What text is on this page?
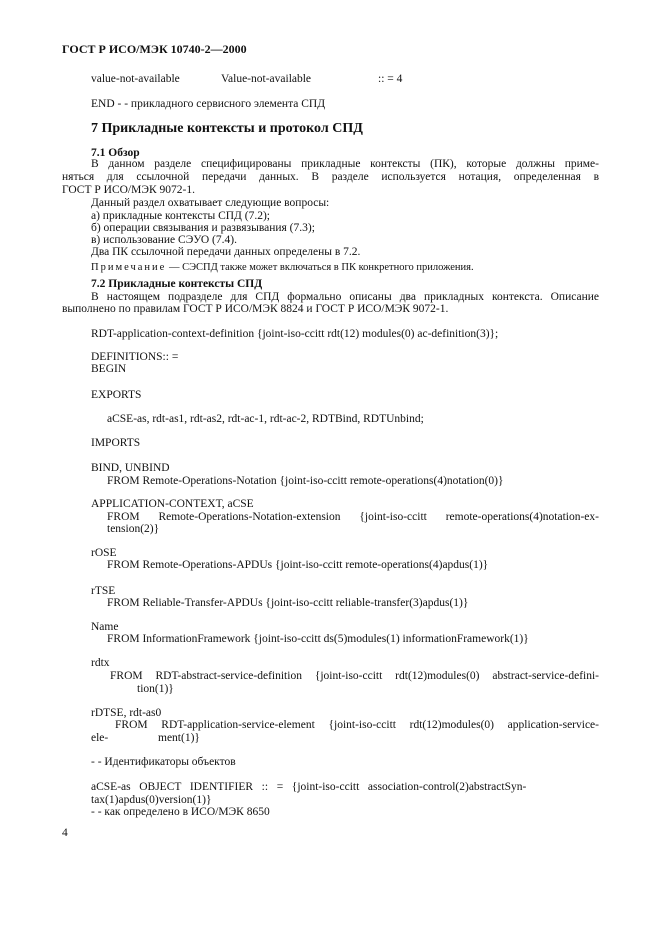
ГОСТ Р ИСО/МЭК 10740-2—2000
value-not-available	Value-not-available	:: = 4
END - - прикладного сервисного элемента СПД
7 Прикладные контексты и протокол СПД
7.1 Обзор
В данном разделе специфицированы прикладные контексты (ПК), которые должны приме-
няться для ссылочной передачи данных. В разделе используется нотация, определенная в
ГОСТ Р ИСО/МЭК 9072-1.
Данный раздел охватывает следующие вопросы:
а) прикладные контексты СПД (7.2);
б) операции связывания и развязывания (7.3);
в) использование СЭУО (7.4).
Два ПК ссылочной передачи данных определены в 7.2.
Примечание — СЭСПД также может включаться в ПК конкретного приложения.
7.2 Прикладные контексты СПД
В настоящем подразделе для СПД формально описаны два прикладных контекста. Описание
выполнено по правилам ГОСТ Р ИСО/МЭК 8824 и ГОСТ Р ИСО/МЭК 9072-1.
RDT-application-context-definition {joint-iso-ccitt rdt(12) modules(0) ac-definition(3)};
DEFINITIONS:: =
BEGIN
EXPORTS
aCSE-as, rdt-as1, rdt-as2, rdt-ac-1, rdt-ac-2, RDTBind, RDTUnbind;
IMPORTS
BIND, UNBIND
FROM Remote-Operations-Notation {joint-iso-ccitt remote-operations(4)notation(0)}
APPLICATION-CONTEXT, aCSE
FROM Remote-Operations-Notation-extension {joint-iso-ccitt remote-operations(4)notation-ex-
tension(2)}
rOSE
FROM Remote-Operations-APDUs {joint-iso-ccitt remote-operations(4)apdus(1)}
rTSE
FROM Reliable-Transfer-APDUs {joint-iso-ccitt reliable-transfer(3)apdus(1)}
Name
FROM InformationFramework {joint-iso-ccitt ds(5)modules(1) informationFramework(1)}
rdtx
FROM RDT-abstract-service-definition {joint-iso-ccitt rdt(12)modules(0) abstract-service-defini-
tion(1)}
rDTSE, rdt-as0
FROM RDT-application-service-element {joint-iso-ccitt rdt(12)modules(0) application-service-
ele-	ment(1)}
- - Идентификаторы объектов
aCSE-as   OBJECT   IDENTIFIER   ::   =   {joint-iso-ccitt   association-control(2)abstractSyn-
tax(1)apdus(0)version(1)}
- - как определено в ИСО/МЭК 8650
4
